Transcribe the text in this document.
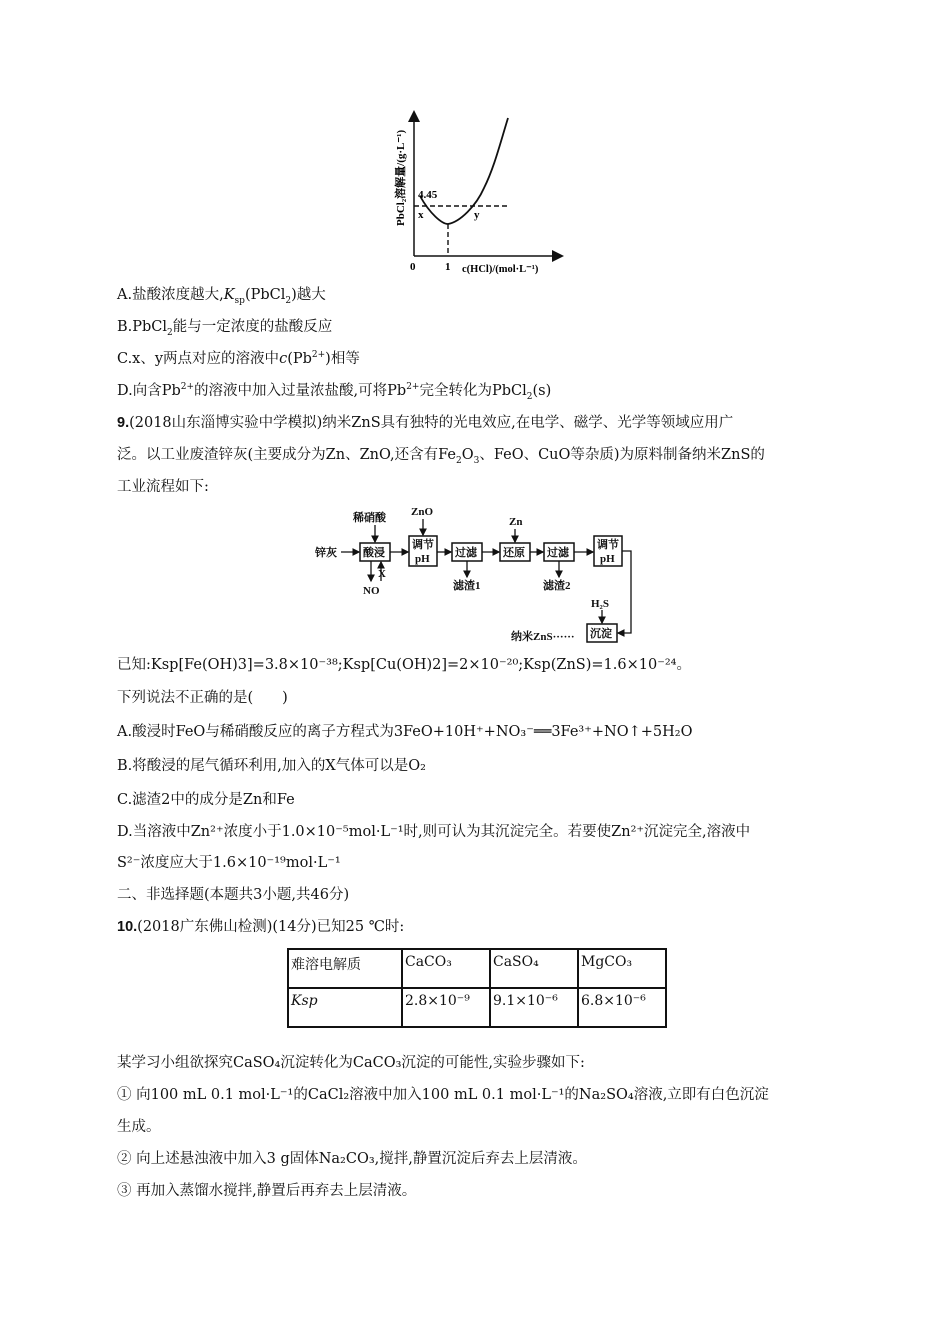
PbCl₂溶解量/(g·L⁻¹) 4.45
x	y
0	1 c(HCl)/(mol·L⁻¹)
A.盐酸浓度越大$,K_{sp}(PbCl_2)$越大
B.PbCl$_2$能与一定浓度的盐酸反应
C.x、y两点对应的溶液中$c(Pb^{2+})$相等
D.向含$Pb^{2+}$的溶液中加入过量浓盐酸,可将$Pb^{2+}$完全转化为PbCl$_2$(s)
9.(2018山东淄博实验中学模拟)纳米ZnS具有独特的光电效应,在电学、磁学、光学等领域应用广
泛。以工业废渣锌灰(主要成分为Zn、ZnO,还含有$Fe_2O_3$、FeO、CuO等杂质)为原料制备纳米ZnS的
工业流程如下:
锌灰
稀硝酸 ZnO
Zn
X
NO	滤渣1	滤渣2
H₂S
纳米ZnS······
酸浸
调节
pH 过滤 还原 过滤
调节
pH
沉淀
已知:Ksp[Fe(OH)3]=3.8×10⁻³⁸;Ksp[Cu(OH)2]=2×10⁻²⁰;Ksp(ZnS)=1.6×10⁻²⁴。
下列说法不正确的是(　　)
A.酸浸时FeO与稀硝酸反应的离子方程式为3FeO+10H⁺+NO₃⁻══3Fe³⁺+NO↑+5H₂O
B.将酸浸的尾气循环利用,加入的X气体可以是O₂
C.滤渣2中的成分是Zn和Fe
D.当溶液中Zn²⁺浓度小于1.0×10⁻⁵mol·L⁻¹时,则可认为其沉淀完全。若要使Zn²⁺沉淀完全,溶液中
S²⁻浓度应大于1.6×10⁻¹⁹mol·L⁻¹
二、非选择题(本题共3小题,共46分)
10.(2018广东佛山检测)(14分)已知25 ℃时:
难溶电解质	CaCO₃	CaSO₄	MgCO₃
Ksp	2.8×10⁻⁹	9.1×10⁻⁶	6.8×10⁻⁶
某学习小组欲探究CaSO₄沉淀转化为CaCO₃沉淀的可能性,实验步骤如下:
① 向100 mL 0.1 mol·L⁻¹的CaCl₂溶液中加入100 mL 0.1 mol·L⁻¹的Na₂SO₄溶液,立即有白色沉淀
生成。
② 向上述悬浊液中加入3 g固体Na₂CO₃,搅拌,静置沉淀后弃去上层清液。
③ 再加入蒸馏水搅拌,静置后再弃去上层清液。
